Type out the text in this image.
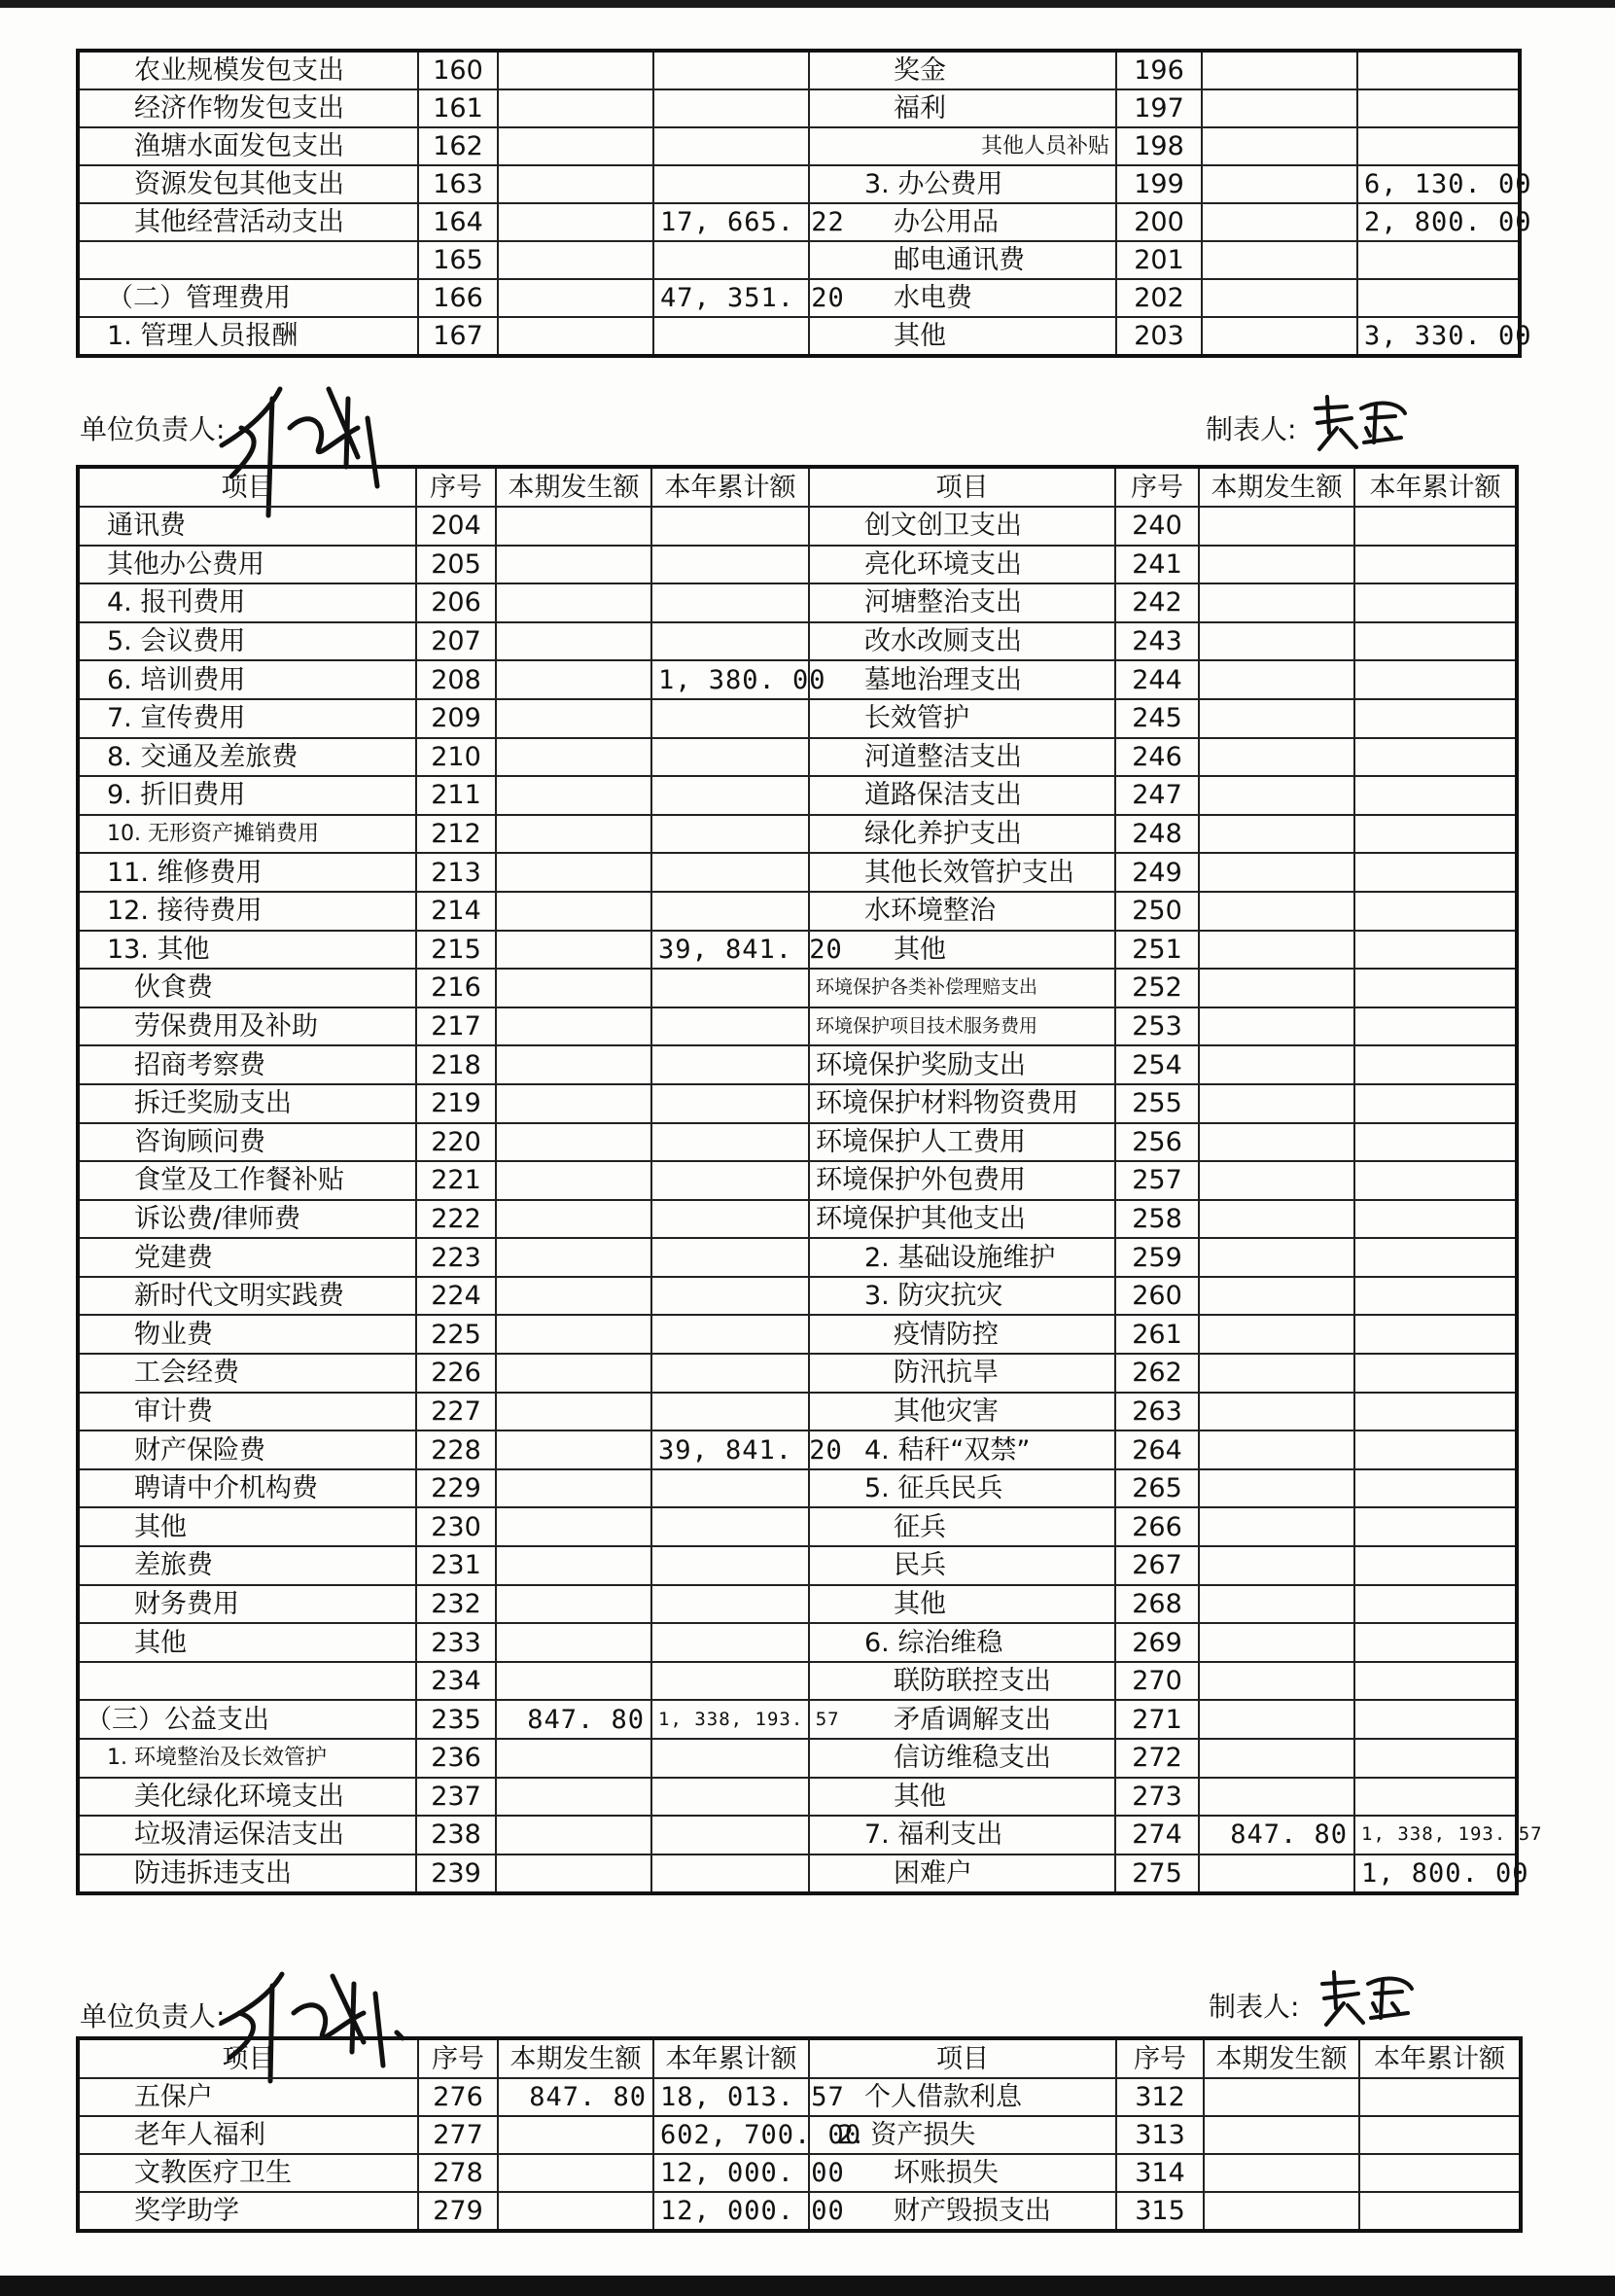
农业规模发包支出	160			奖金	196		
经济作物发包支出	161			福利	197		
渔塘水面发包支出	162			其他人员补贴	198		
资源发包其他支出	163			3. 办公费用	199		6, 130. 00
其他经营活动支出	164		17, 665. 22	办公用品	200		2, 800. 00
	165			邮电通讯费	201		
（二）管理费用	166		47, 351. 20	水电费	202		
1. 管理人员报酬	167			其他	203		3, 330. 00
单位负责人:	制表人:
项目	序号	本期发生额	本年累计额	项目	序号	本期发生额	本年累计额
通讯费	204			创文创卫支出	240		
其他办公费用	205			亮化环境支出	241		
4. 报刊费用	206			河塘整治支出	242		
5. 会议费用	207			改水改厕支出	243		
6. 培训费用	208		1, 380. 00	墓地治理支出	244		
7. 宣传费用	209			长效管护	245		
8. 交通及差旅费	210			河道整洁支出	246		
9. 折旧费用	211			道路保洁支出	247		
10. 无形资产摊销费用	212			绿化养护支出	248		
11. 维修费用	213			其他长效管护支出	249		
12. 接待费用	214			水环境整治	250		
13. 其他	215		39, 841. 20	其他	251		
伙食费	216			环境保护各类补偿理赔支出	252		
劳保费用及补助	217			环境保护项目技术服务费用	253		
招商考察费	218			环境保护奖励支出	254		
拆迁奖励支出	219			环境保护材料物资费用	255		
咨询顾问费	220			环境保护人工费用	256		
食堂及工作餐补贴	221			环境保护外包费用	257		
诉讼费/律师费	222			环境保护其他支出	258		
党建费	223			2. 基础设施维护	259		
新时代文明实践费	224			3. 防灾抗灾	260		
物业费	225			疫情防控	261		
工会经费	226			防汛抗旱	262		
审计费	227			其他灾害	263		
财产保险费	228		39, 841. 20	4. 秸秆“双禁”	264		
聘请中介机构费	229			5. 征兵民兵	265		
其他	230			征兵	266		
差旅费	231			民兵	267		
财务费用	232			其他	268		
其他	233			6. 综治维稳	269		
	234			联防联控支出	270		
（三）公益支出	235	847. 80	1, 338, 193. 57	矛盾调解支出	271		
1. 环境整治及长效管护	236			信访维稳支出	272		
美化绿化环境支出	237			其他	273		
垃圾清运保洁支出	238			7. 福利支出	274	847. 80	1, 338, 193. 57
防违拆违支出	239			困难户	275		1, 800. 00
单位负责人:	制表人:
项目	序号	本期发生额	本年累计额	项目	序号	本期发生额	本年累计额
五保户	276	847. 80	18, 013. 57	个人借款利息	312		
老年人福利	277		602, 700. 00	2. 资产损失	313		
文教医疗卫生	278		12, 000. 00	坏账损失	314		
奖学助学	279		12, 000. 00	财产毁损支出	315		
